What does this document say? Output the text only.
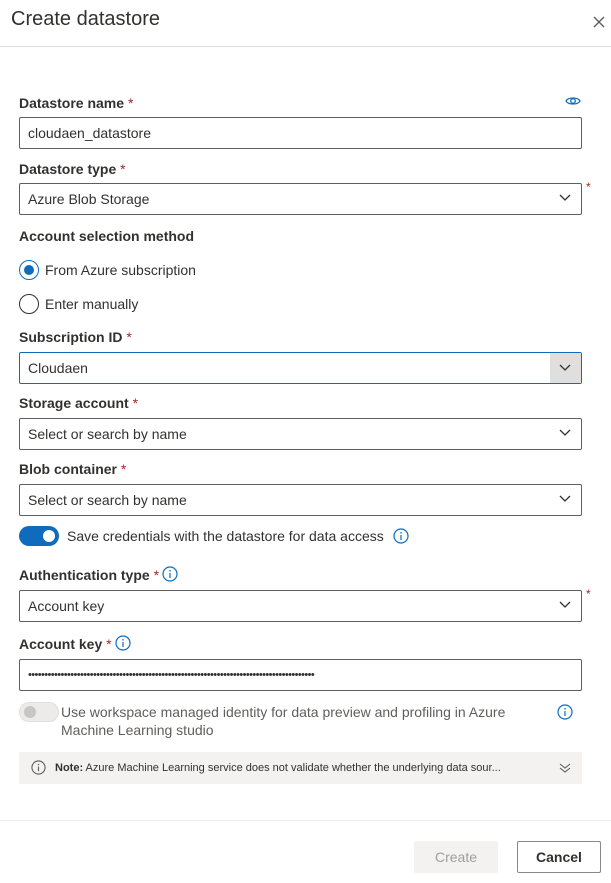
Create datastore
Datastore name *
cloudaen_datastore
Datastore type *
Azure Blob Storage
*
Account selection method
From Azure subscription
Enter manually
Subscription ID *
Cloudaen
Storage account *
Select or search by name
Blob container *
Select or search by name
Save credentials with the datastore for data access
Authentication type *
Account key
*
Account key *
••••••••••••••••••••••••••••••••••••••••••••••••••••••••••••••••••••••••••••••••••••••••
Use workspace managed identity for data preview and profiling in Azure
Machine Learning studio
Note: Azure Machine Learning service does not validate whether the underlying data sour...
Create	Cancel
